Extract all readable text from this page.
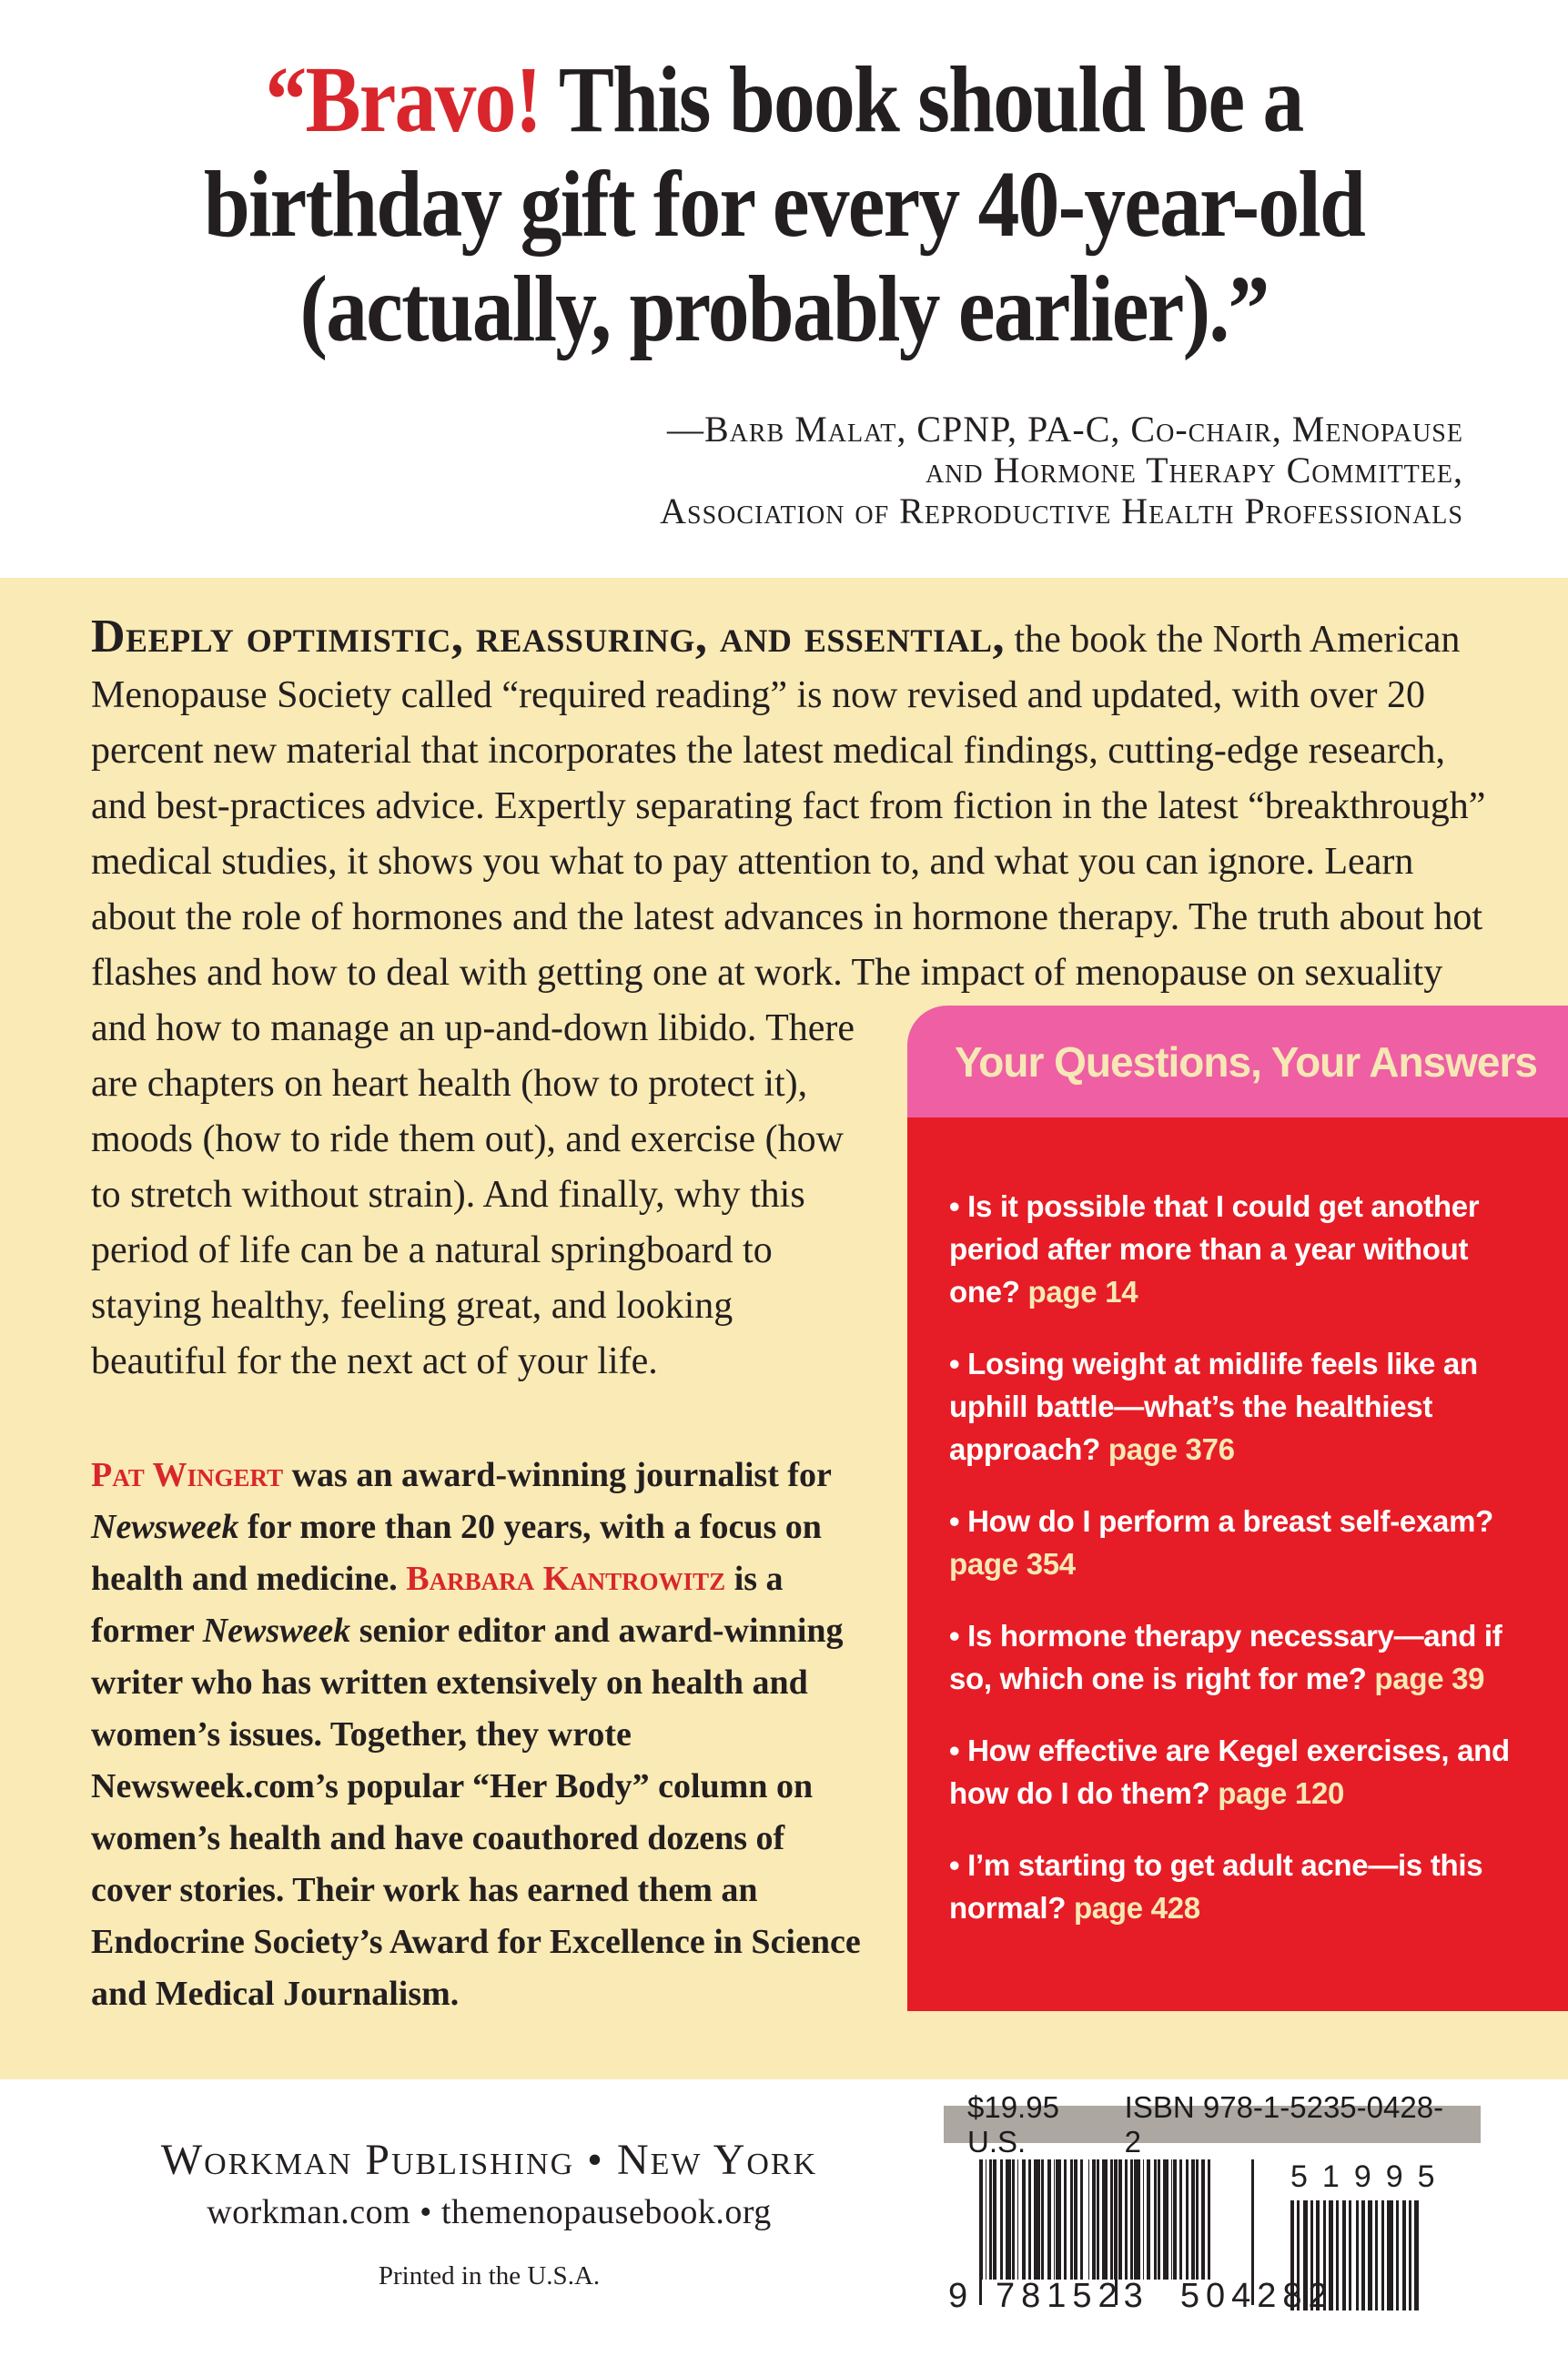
“Bravo! This book should be a
birthday gift for every 40-year-old
(actually, probably earlier).”
—Barb Malat, CPNP, PA-C, Co-chair, Menopause
and Hormone Therapy Committee,
Association of Reproductive Health Professionals
Your Questions, Your Answers
• Is it possible that I could get another period after more than a year without one? page 14
• Losing weight at midlife feels like an uphill battle—what’s the healthiest approach? page 376
• How do I perform a breast self-exam? page 354
• Is hormone therapy necessary—and if so, which one is right for me? page 39
• How effective are Kegel exercises, and how do I do them? page 120
• I’m starting to get adult acne—is this normal? page 428

Deeply optimistic, reassuring, and essential, the book the North American Menopause Society called “required reading” is now revised and updated, with over 20 percent new material that incorporates the latest medical findings, cutting-edge research, and best-practices advice. Expertly separating fact from fiction in the latest “breakthrough” medical studies, it shows you what to pay attention to, and what you can ignore. Learn about the role of hormones and the latest advances in hormone therapy. The truth about hot flashes and how to deal with getting one at work. The impact of menopause on sexuality and how to manage an up-and-down libido. There are chapters on heart health (how to protect it), moods (how to ride them out), and exercise (how to stretch without strain). And finally, why this period of life can be a natural springboard to staying healthy, feeling great, and looking beautiful for the next act of your life.

Pat Wingert was an award-winning journalist for Newsweek for more than 20 years, with a focus on health and medicine. Barbara Kantrowitz is a former Newsweek senior editor and award-winning writer who has written extensively on health and women’s issues. Together, they wrote Newsweek.com’s popular “Her Body” column on women’s health and have coauthored dozens of cover stories. Their work has earned them an Endocrine Society’s Award for Excellence in Science and Medical Journalism.

Workman Publishing • New York
workman.com • themenopausebook.org
Printed in the U.S.A.
$19.95 U.S.
ISBN 978-1-5235-0428-2
9 781523 504282
51995
